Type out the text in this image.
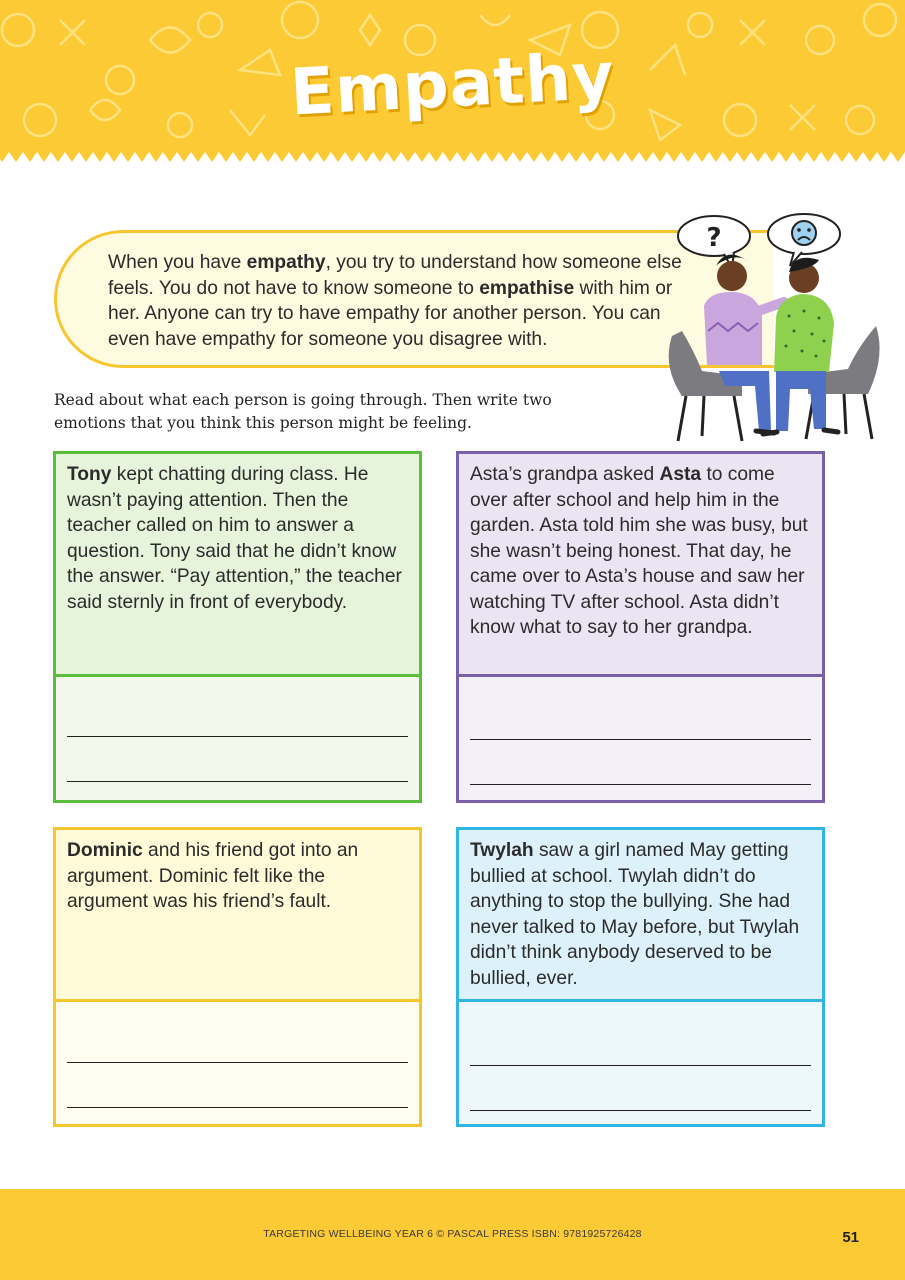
Empathy
When you have empathy, you try to understand how someone else feels. You do not have to know someone to empathise with him or her. Anyone can try to have empathy for another person. You can even have empathy for someone you disagree with.
?
Read about what each person is going through. Then write two emotions that you think this person might be feeling.
Tony kept chatting during class. He wasn’t paying attention. Then the teacher called on him to answer a question. Tony said that he didn’t know the answer. “Pay attention,” the teacher said sternly in front of everybody.
Asta’s grandpa asked Asta to come over after school and help him in the garden. Asta told him she was busy, but she wasn’t being honest. That day, he came over to Asta’s house and saw her watching TV after school. Asta didn’t know what to say to her grandpa.
Dominic and his friend got into an argument. Dominic felt like the argument was his friend’s fault.
Twylah saw a girl named May getting bullied at school. Twylah didn’t do anything to stop the bullying. She had never talked to May before, but Twylah didn’t think anybody deserved to be bullied, ever.
TARGETING WELLBEING YEAR 6 © PASCAL PRESS ISBN: 9781925726428	51
